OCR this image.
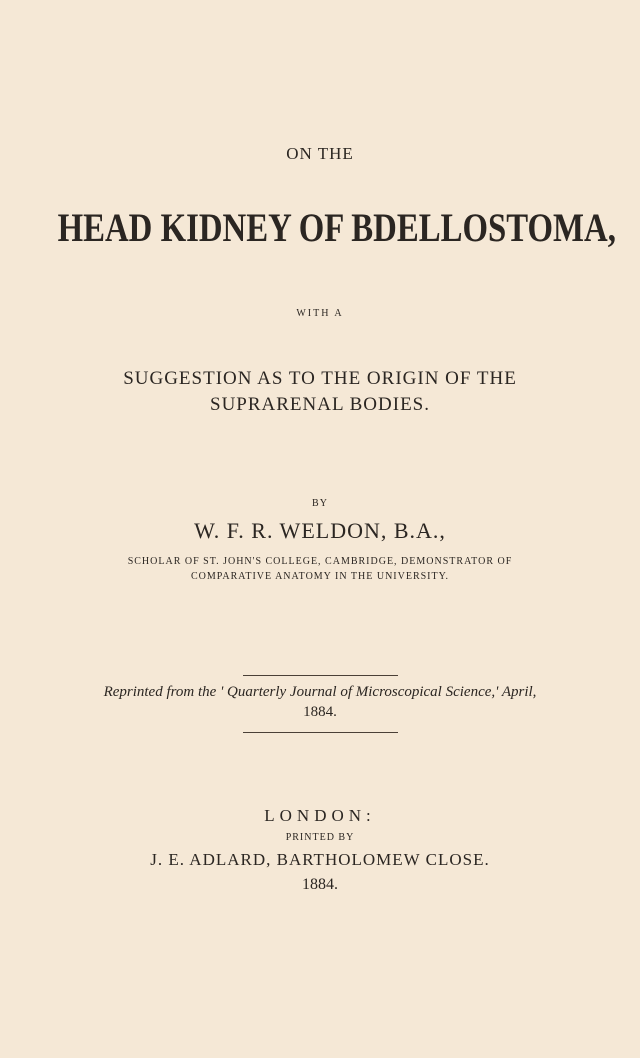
ON THE
HEAD KIDNEY OF BDELLOSTOMA,
WITH A
SUGGESTION AS TO THE ORIGIN OF THE
SUPRARENAL BODIES.
BY
W. F. R. WELDON, B.A.,
SCHOLAR OF ST. JOHN'S COLLEGE, CAMBRIDGE, DEMONSTRATOR OF
COMPARATIVE ANATOMY IN THE UNIVERSITY.
Reprinted from the ' Quarterly Journal of Microscopical Science,' April,
1884.
LONDON:
PRINTED BY
J. E. ADLARD, BARTHOLOMEW CLOSE.
1884.
